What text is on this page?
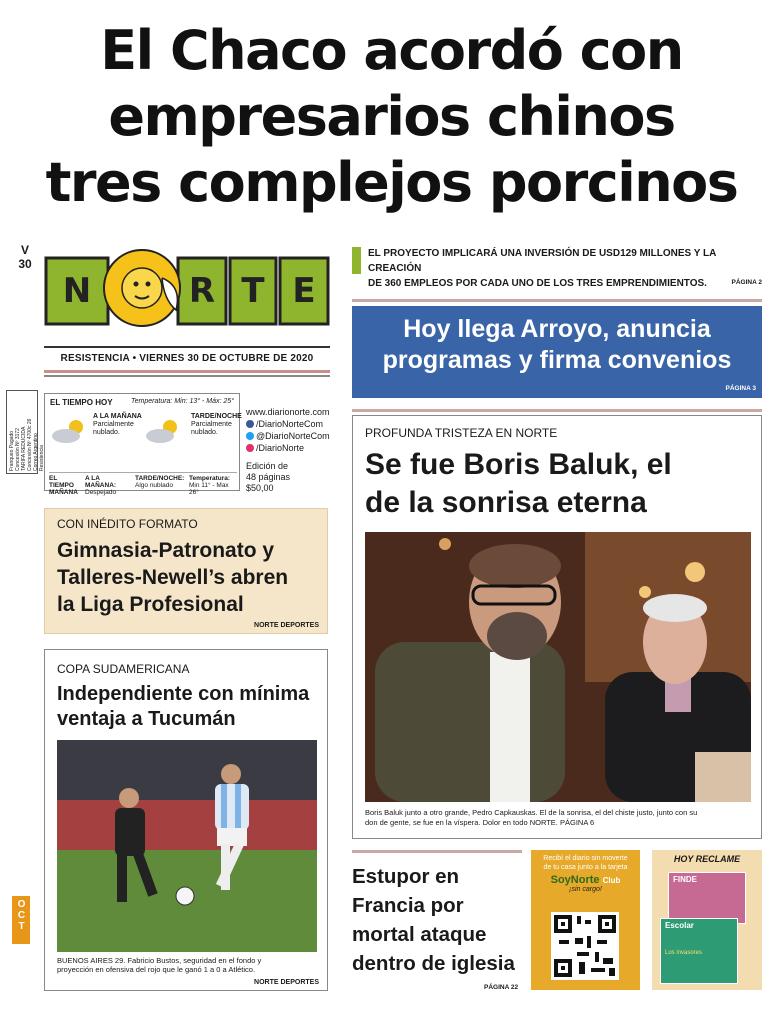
El Chaco acordó con
empresarios chinos
tres complejos porcinos
V
30
N	R T E
RESISTENCIA • VIERNES 30 DE OCTUBRE DE 2020
Franqueo Pagado Concesión Nº 3172 TARIFA REDUCIDA Concesión Nº 4700c 26 Correo Argentino Resistencia
EL TIEMPO HOY	Temperatura: Min: 13° - Máx: 25°
A LA MAÑANA
Parcialmente nublado.
TARDE/NOCHE
Parcialmente nublado.
EL TIEMPO MAÑANA
A LA MAÑANA:
Despejado
TARDE/NOCHE:
Algo nublado
Temperatura:
Min 11° - Max 26°
www.diarionorte.com
/DiarioNorteCom
@DiarioNorteCom
/DiarioNorte
Edición de
48 páginas
$50,00
CON INÉDITO FORMATO
Gimnasia-Patronato y
Talleres-Newell’s abren
la Liga Profesional
NORTE DEPORTES
COPA SUDAMERICANA
Independiente con mínima
ventaja a Tucumán
BUENOS AIRES 29. Fabricio Bustos, seguridad en el fondo y
proyección en ofensiva del rojo que le ganó 1 a 0 a Atlético.
NORTE DEPORTES
EL PROYECTO IMPLICARÁ UNA INVERSIÓN DE USD129 MILLONES Y LA CREACIÓN
DE 360 EMPLEOS POR CADA UNO DE LOS TRES EMPRENDIMIENTOS.	PÁGINA 2
Hoy llega Arroyo, anuncia
programas y firma convenios
PÁGINA 3
PROFUNDA TRISTEZA EN NORTE
Se fue Boris Baluk, el
de la sonrisa eterna
Boris Baluk junto a otro grande, Pedro Capkauskas. El de la sonrisa, el del chiste justo, junto con su
don de gente, se fue en la víspera. Dolor en todo NORTE. PÁGINA 6
Estupor en
Francia por
mortal ataque
dentro de iglesia
PÁGINA 22
Recibí el diario sin moverte
de tu casa junto a la tarjeta
SoyNorte Club
¡sin cargo!
HOY RECLAME
FINDE
Escolar
Los invasores
OCT
